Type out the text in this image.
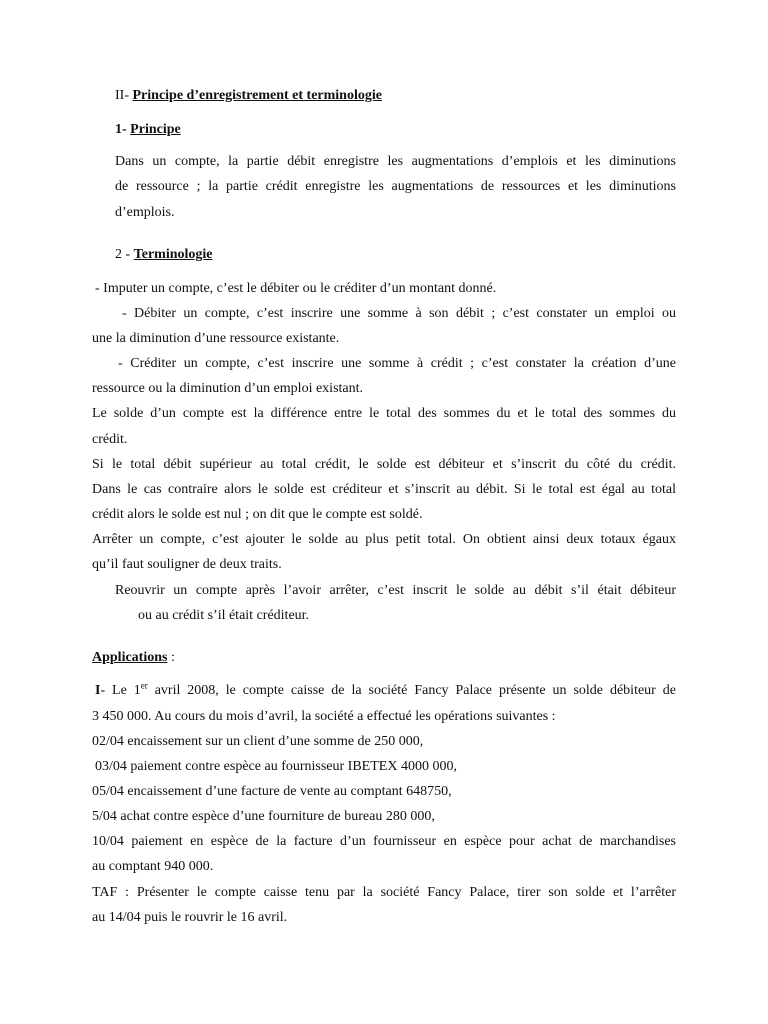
II- Principe d’enregistrement et terminologie

1- Principe

Dans un compte, la partie débit enregistre les augmentations d’emplois et les diminutions

de ressource ; la partie crédit enregistre les augmentations de ressources et les diminutions

d’emplois.

2 - Terminologie

- Imputer un compte, c’est le débiter ou le créditer d’un montant donné.

- Débiter un compte, c’est inscrire une somme à son débit ; c’est constater un emploi ou

une la diminution d’une ressource existante.

- Créditer un compte, c’est inscrire une somme à crédit ; c’est constater la création d’une

ressource ou la diminution d’un emploi existant.

Le solde d’un compte est la différence entre le total des sommes du et le total des sommes du

crédit.

Si le total débit supérieur au total crédit, le solde est débiteur et s’inscrit du côté du crédit.

Dans le cas contraire alors le solde est créditeur et s’inscrit au débit. Si le total est égal au total

crédit alors le solde est nul ; on dit que le compte est soldé.

Arrêter un compte, c’est ajouter le solde au plus petit total. On obtient ainsi deux totaux égaux

qu’il faut souligner de deux traits.

Reouvrir un compte après l’avoir arrêter, c’est inscrit le solde au débit s’il était débiteur

ou au crédit s’il était créditeur.

Applications :

I- Le 1er avril 2008, le compte caisse de la société Fancy Palace présente un solde débiteur de

3 450 000. Au cours du mois d’avril, la société a effectué les opérations suivantes :

02/04 encaissement sur un client d’une somme de 250 000,

03/04 paiement contre espèce au fournisseur IBETEX 4000 000,

05/04 encaissement d’une facture de vente au comptant 648750,

5/04 achat contre espèce d’une fourniture de bureau 280 000,

10/04 paiement en espèce de la facture d’un fournisseur en espèce pour achat de marchandises

au comptant 940 000.

TAF : Présenter le compte caisse tenu par la société Fancy Palace, tirer son solde et l’arrêter

au 14/04 puis le rouvrir le 16 avril.
